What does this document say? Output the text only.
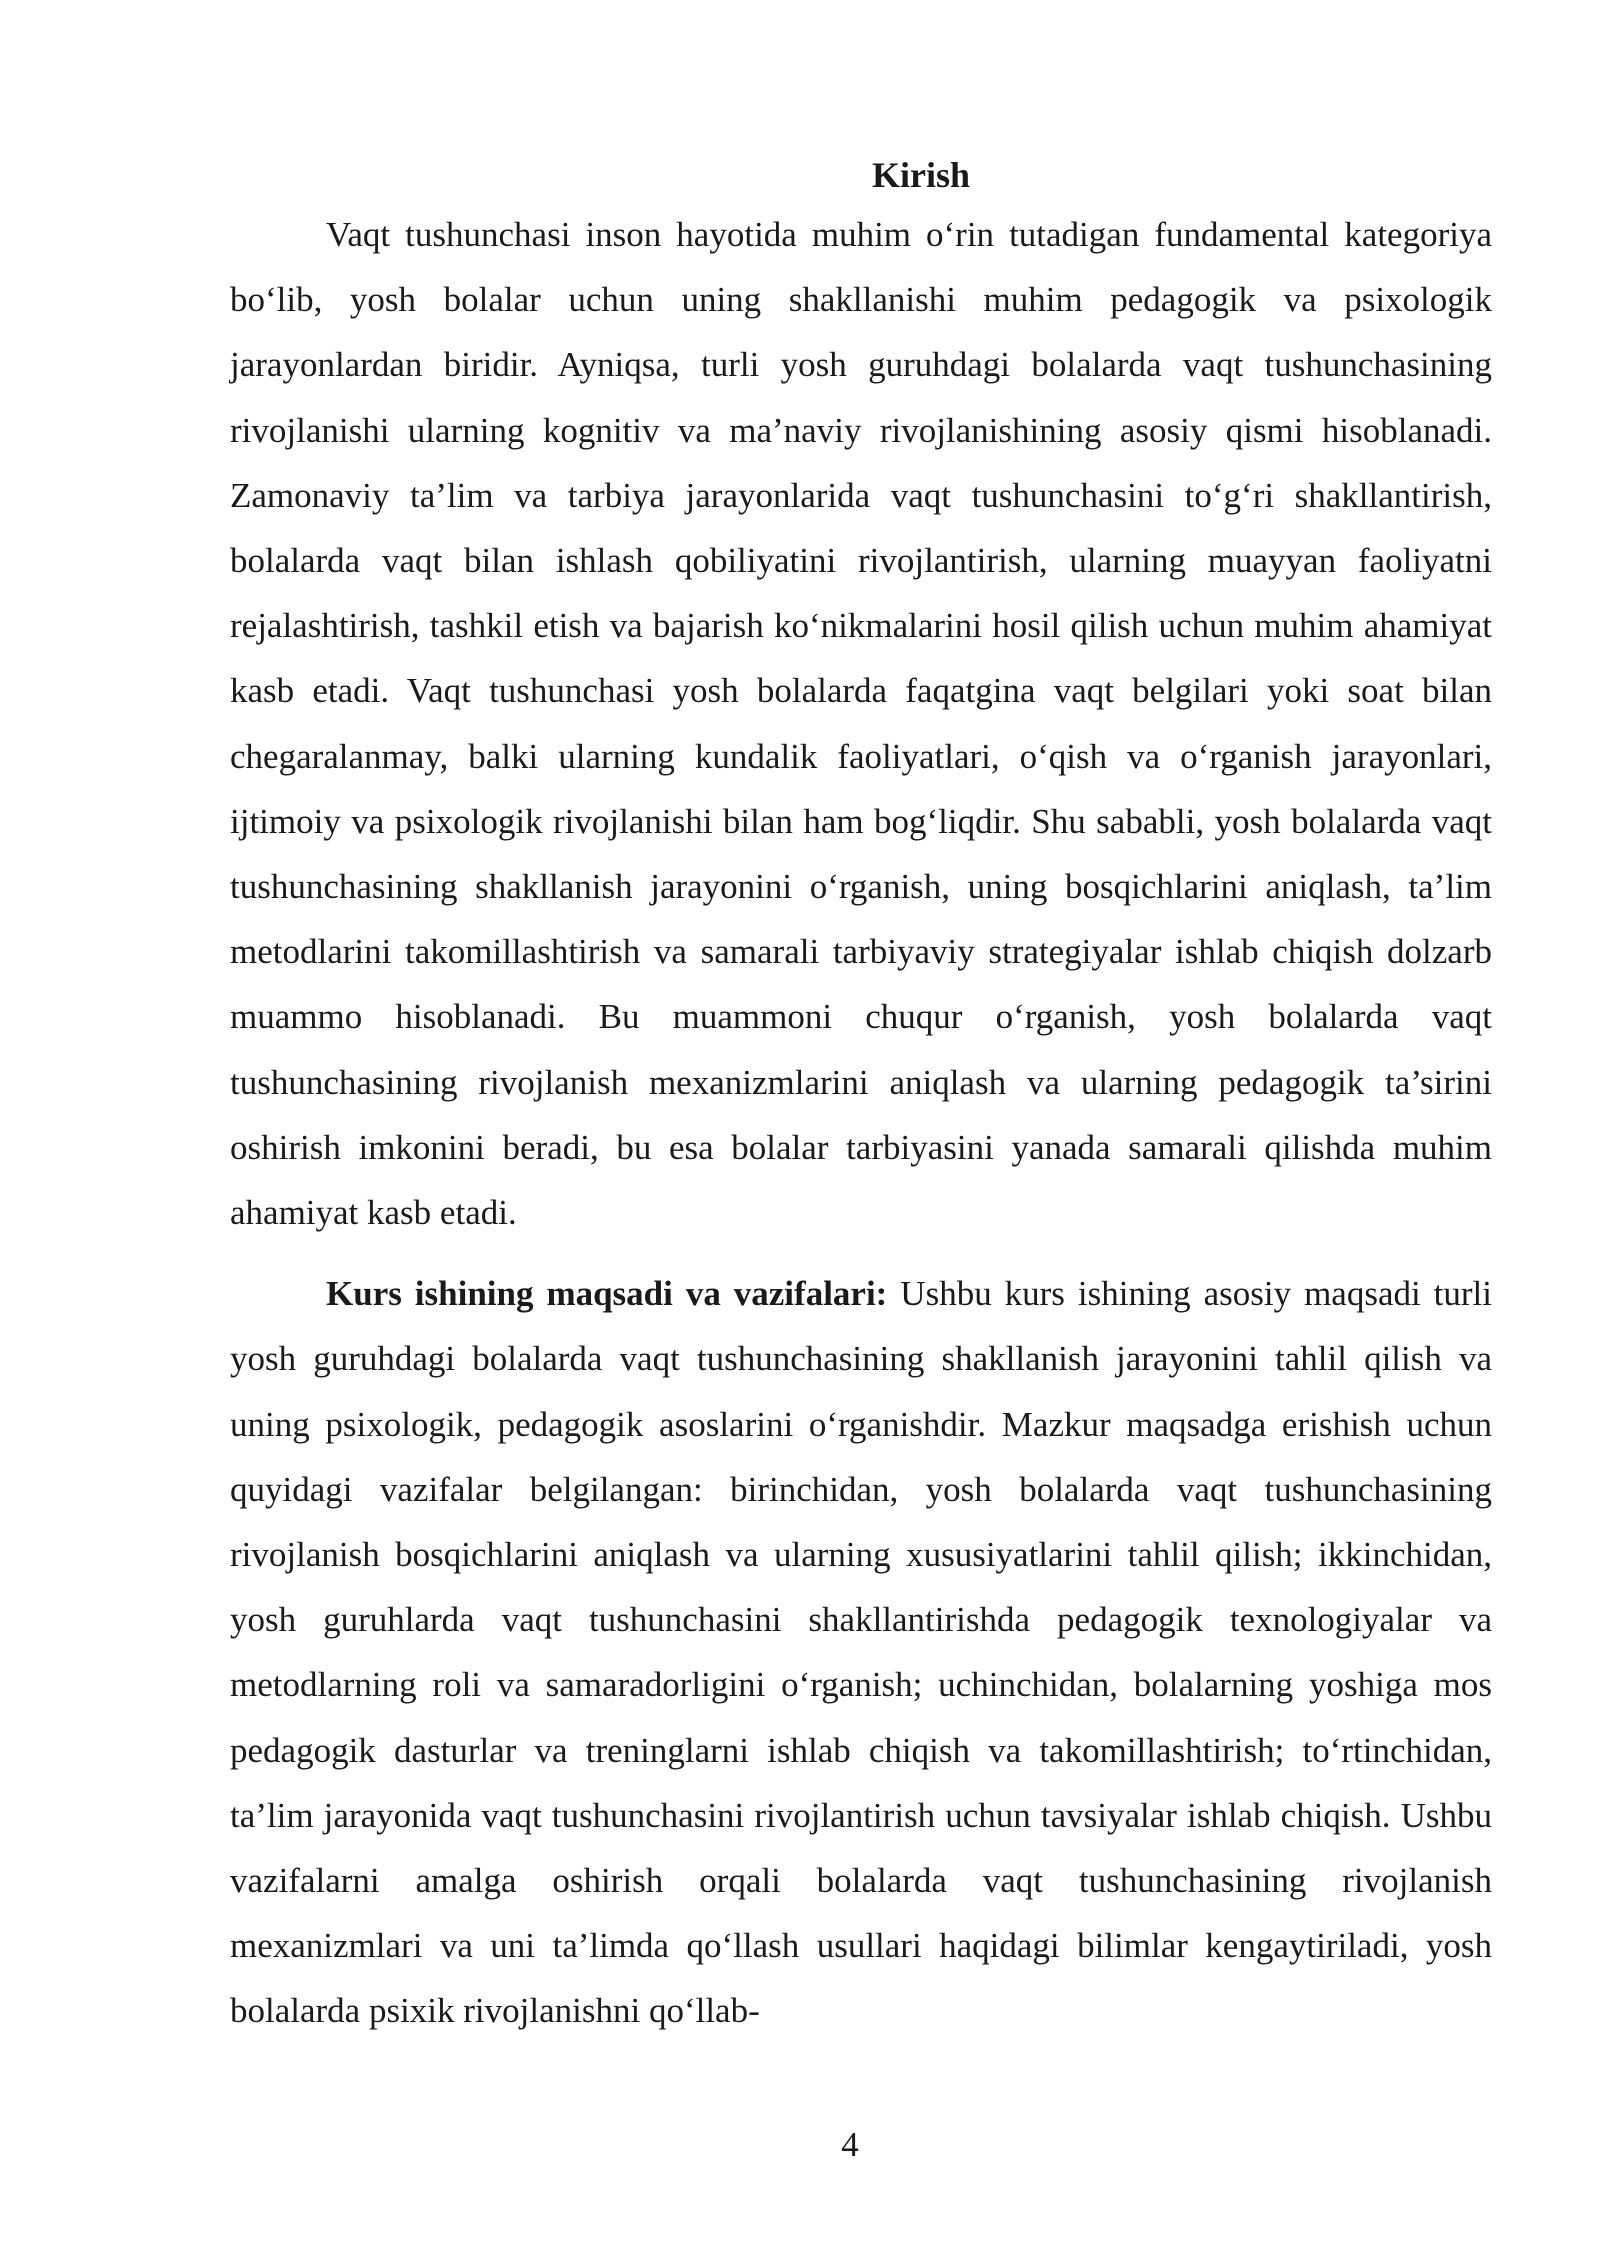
Kirish

Vaqt tushunchasi inson hayotida muhim o‘rin tutadigan fundamental kategoriya bo‘lib, yosh bolalar uchun uning shakllanishi muhim pedagogik va psixologik jarayonlardan biridir. Ayniqsa, turli yosh guruhdagi bolalarda vaqt tushunchasining rivojlanishi ularning kognitiv va ma’naviy rivojlanishining asosiy qismi hisoblanadi. Zamonaviy ta’lim va tarbiya jarayonlarida vaqt tushunchasini to‘g‘ri shakllantirish, bolalarda vaqt bilan ishlash qobiliyatini rivojlantirish, ularning muayyan faoliyatni rejalashtirish, tashkil etish va bajarish ko‘nikmalarini hosil qilish uchun muhim ahamiyat kasb etadi. Vaqt tushunchasi yosh bolalarda faqatgina vaqt belgilari yoki soat bilan chegaralanmay, balki ularning kundalik faoliyatlari, o‘qish va o‘rganish jarayonlari, ijtimoiy va psixologik rivojlanishi bilan ham bog‘liqdir. Shu sababli, yosh bolalarda vaqt tushunchasining shakllanish jarayonini o‘rganish, uning bosqichlarini aniqlash, ta’lim metodlarini takomillashtirish va samarali tarbiyaviy strategiyalar ishlab chiqish dolzarb muammo hisoblanadi. Bu muammoni chuqur o‘rganish, yosh bolalarda vaqt tushunchasining rivojlanish mexanizmlarini aniqlash va ularning pedagogik ta’sirini oshirish imkonini beradi, bu esa bolalar tarbiyasini yanada samarali qilishda muhim ahamiyat kasb etadi.

Kurs ishining maqsadi va vazifalari: Ushbu kurs ishining asosiy maqsadi turli yosh guruhdagi bolalarda vaqt tushunchasining shakllanish jarayonini tahlil qilish va uning psixologik, pedagogik asoslarini o‘rganishdir. Mazkur maqsadga erishish uchun quyidagi vazifalar belgilangan: birinchidan, yosh bolalarda vaqt tushunchasining rivojlanish bosqichlarini aniqlash va ularning xususiyatlarini tahlil qilish; ikkinchidan, yosh guruhlarda vaqt tushunchasini shakllantirishda pedagogik texnologiyalar va metodlarning roli va samaradorligini o‘rganish; uchinchidan, bolalarning yoshiga mos pedagogik dasturlar va treninglarni ishlab chiqish va takomillashtirish; to‘rtinchidan, ta’lim jarayonida vaqt tushunchasini rivojlantirish uchun tavsiyalar ishlab chiqish. Ushbu vazifalarni amalga oshirish orqali bolalarda vaqt tushunchasining rivojlanish mexanizmlari va uni ta’limda qo‘llash usullari haqidagi bilimlar kengaytiriladi, yosh bolalarda psixik rivojlanishni qo‘llab-

4
